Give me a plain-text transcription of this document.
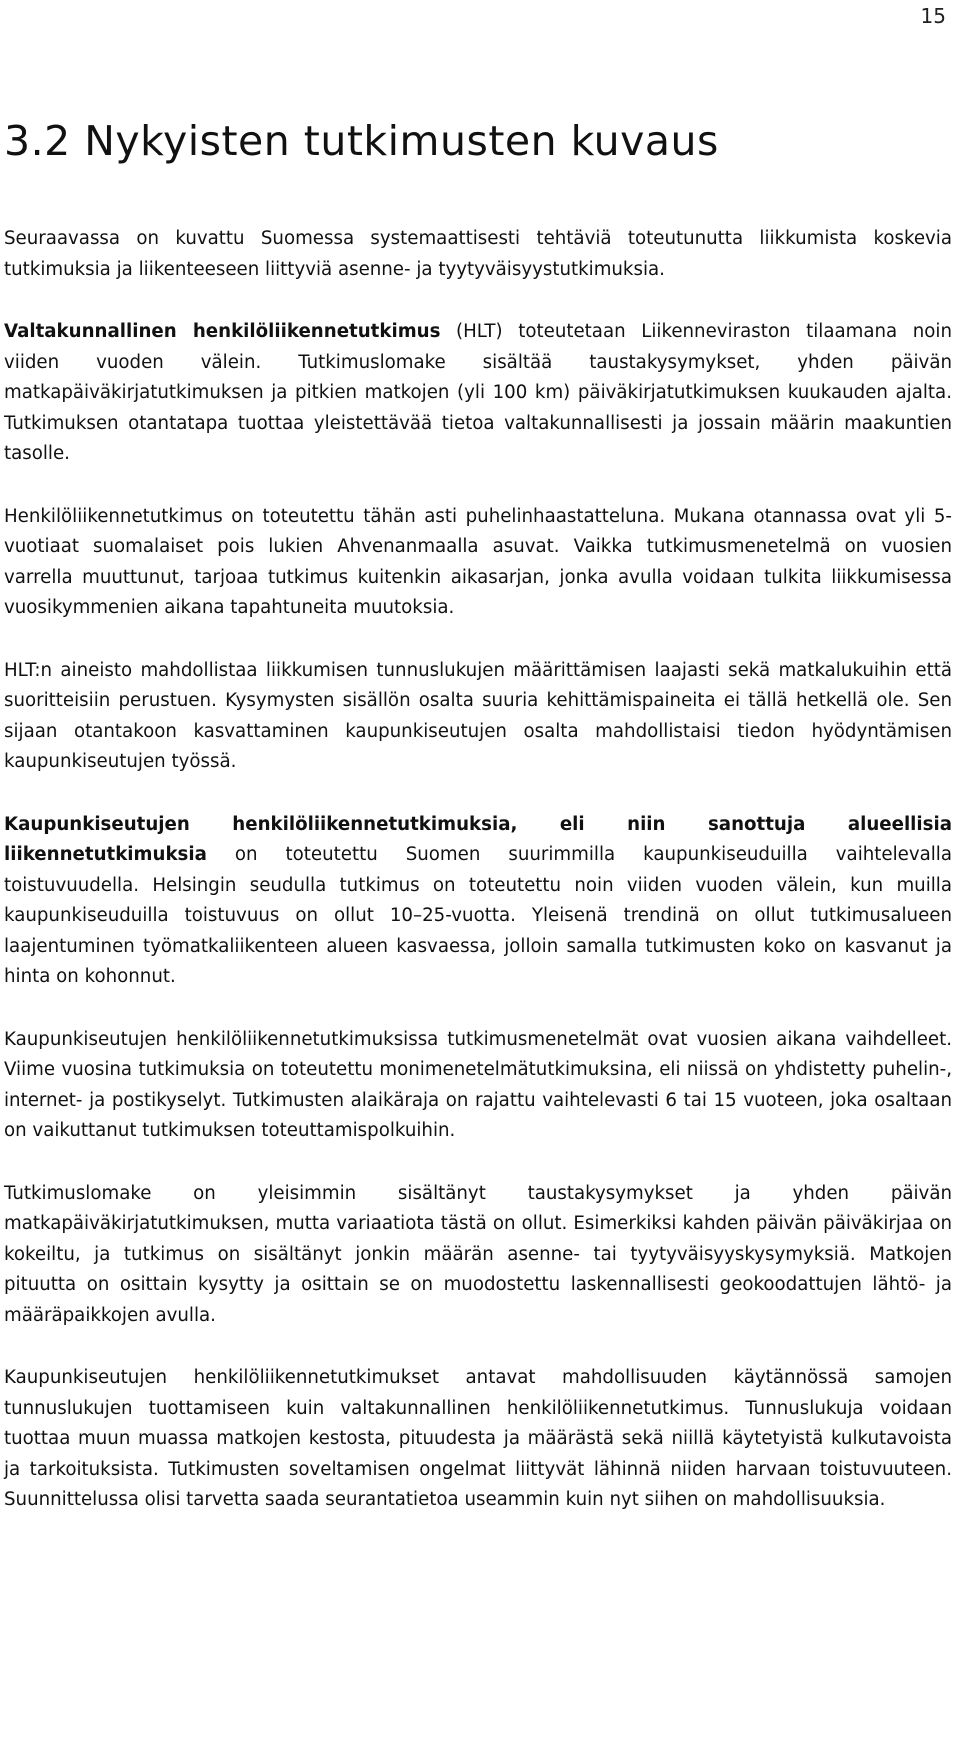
15
3.2 Nykyisten tutkimusten kuvaus

Seuraavassa on kuvattu Suomessa systemaattisesti tehtäviä toteutunutta liikkumista koskevia tutkimuksia ja liikenteeseen liittyviä asenne- ja tyytyväisyystutkimuksia.

Valtakunnallinen henkilöliikennetutkimus (HLT) toteutetaan Liikenneviraston tilaamana noin viiden vuoden välein. Tutkimuslomake sisältää taustakysymykset, yhden päivän matkapäiväkirjatutkimuksen ja pitkien matkojen (yli 100 km) päiväkirjatutkimuksen kuukauden ajalta. Tutkimuksen otantatapa tuottaa yleistettävää tietoa valtakunnallisesti ja jossain määrin maakuntien tasolle.

Henkilöliikennetutkimus on toteutettu tähän asti puhelinhaastatteluna. Mukana otannassa ovat yli 5-vuotiaat suomalaiset pois lukien Ahvenanmaalla asuvat. Vaikka tutkimusmenetelmä on vuosien varrella muuttunut, tarjoaa tutkimus kuitenkin aikasarjan, jonka avulla voidaan tulkita liikkumisessa vuosikymmenien aikana tapahtuneita muutoksia.

HLT:n aineisto mahdollistaa liikkumisen tunnuslukujen määrittämisen laajasti sekä matkalukuihin että suoritteisiin perustuen. Kysymysten sisällön osalta suuria kehittämispaineita ei tällä hetkellä ole. Sen sijaan otantakoon kasvattaminen kaupunkiseutujen osalta mahdollistaisi tiedon hyödyntämisen kaupunkiseutujen työssä.

Kaupunkiseutujen henkilöliikennetutkimuksia, eli niin sanottuja alueellisia liikennetutkimuksia on toteutettu Suomen suurimmilla kaupunkiseuduilla vaihtelevalla toistuvuudella. Helsingin seudulla tutkimus on toteutettu noin viiden vuoden välein, kun muilla kaupunkiseuduilla toistuvuus on ollut 10–25-vuotta. Yleisenä trendinä on ollut tutkimusalueen laajentuminen työmatkaliikenteen alueen kasvaessa, jolloin samalla tutkimusten koko on kasvanut ja hinta on kohonnut.

Kaupunkiseutujen henkilöliikennetutkimuksissa tutkimusmenetelmät ovat vuosien aikana vaihdelleet. Viime vuosina tutkimuksia on toteutettu monimenetelmätutkimuksina, eli niissä on yhdistetty puhelin-, internet- ja postikyselyt. Tutkimusten alaikäraja on rajattu vaihtelevasti 6 tai 15 vuoteen, joka osaltaan on vaikuttanut tutkimuksen toteuttamispolkuihin.

Tutkimuslomake on yleisimmin sisältänyt taustakysymykset ja yhden päivän matkapäiväkirjatutkimuksen, mutta variaatiota tästä on ollut. Esimerkiksi kahden päivän päiväkirjaa on kokeiltu, ja tutkimus on sisältänyt jonkin määrän asenne- tai tyytyväisyyskysymyksiä. Matkojen pituutta on osittain kysytty ja osittain se on muodostettu laskennallisesti geokoodattujen lähtö- ja määräpaikkojen avulla.

Kaupunkiseutujen henkilöliikennetutkimukset antavat mahdollisuuden käytännössä samojen tunnuslukujen tuottamiseen kuin valtakunnallinen henkilöliikennetutkimus. Tunnuslukuja voidaan tuottaa muun muassa matkojen kestosta, pituudesta ja määrästä sekä niillä käytetyistä kulkutavoista ja tarkoituksista. Tutkimusten soveltamisen ongelmat liittyvät lähinnä niiden harvaan toistuvuuteen. Suunnittelussa olisi tarvetta saada seurantatietoa useammin kuin nyt siihen on mahdollisuuksia.
